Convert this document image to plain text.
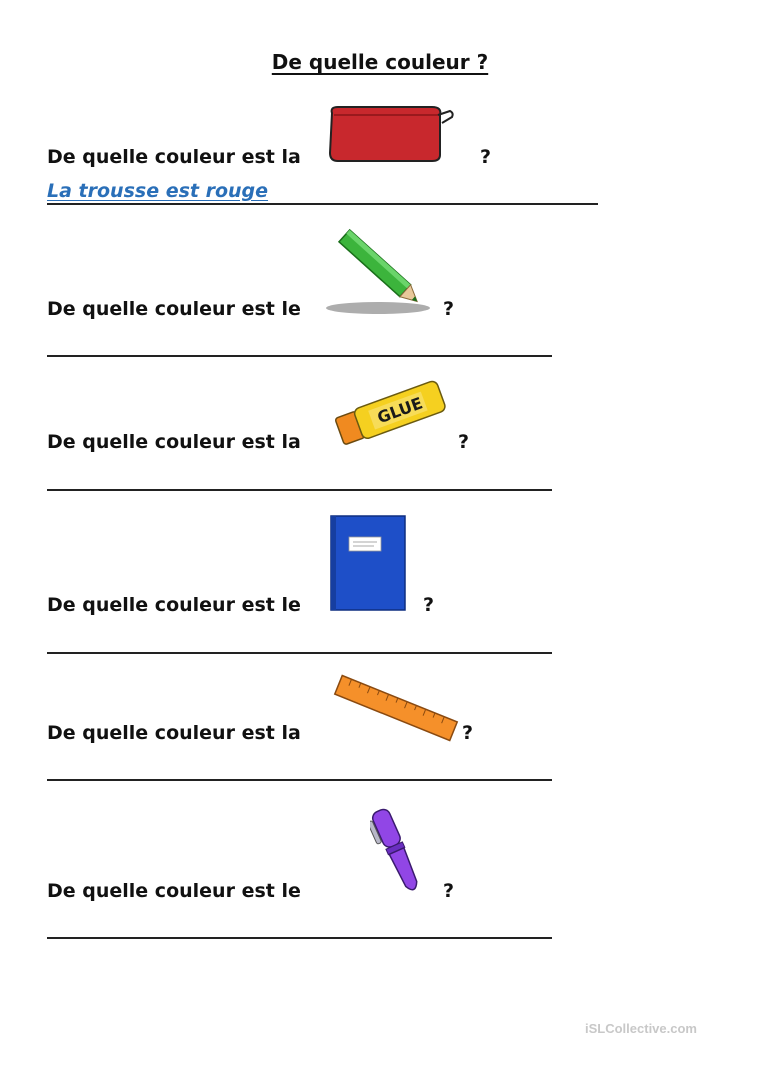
De quelle couleur ?
De quelle couleur est la	?
La trousse est rouge
De quelle couleur est le	?
De quelle couleur est la
GLUE
?
De quelle couleur est le	?
De quelle couleur est la	?
De quelle couleur est le	?
iSLCollective.com
